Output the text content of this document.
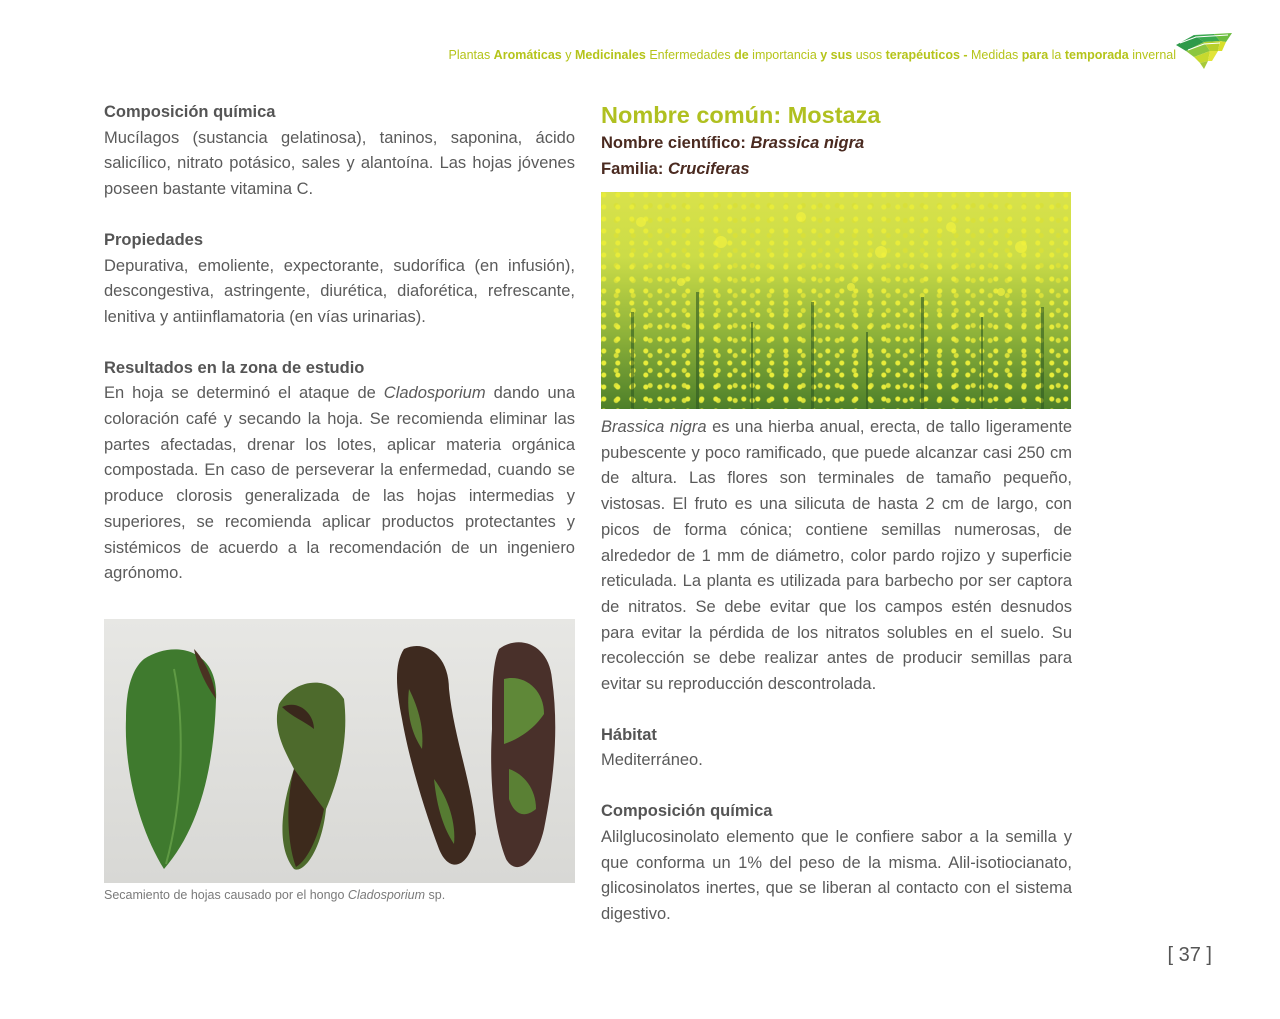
Plantas Aromáticas y Medicinales Enfermedades de importancia y sus usos terapéuticos - Medidas para la temporada invernal

Composición química

Mucílagos (sustancia gelatinosa), taninos, saponina, ácido salicílico, nitrato potásico, sales y alantoína. Las hojas jóvenes poseen bastante vitamina C.

Propiedades

Depurativa, emoliente, expectorante, sudorífica (en infusión), descongestiva, astringente, diurética, diaforética, refrescante, lenitiva y antiinflamatoria (en vías urinarias).

Resultados en la zona de estudio

En hoja se determinó el ataque de Cladosporium dando una coloración café y secando la hoja. Se recomienda eliminar las partes afectadas, drenar los lotes, aplicar materia orgánica compostada. En caso de perseverar la enfermedad, cuando se produce clorosis generalizada de las hojas intermedias y superiores, se recomienda aplicar productos protectantes y sistémicos de acuerdo a la recomendación de un ingeniero agrónomo.

Secamiento de hojas causado por el hongo Cladosporium sp.

Nombre común: Mostaza

Nombre científico: Brassica nigra

Familia: Cruciferas

Brassica nigra es una hierba anual, erecta, de tallo ligeramente pubescente y poco ramificado, que puede alcanzar casi 250 cm de altura. Las flores son terminales de tamaño pequeño, vistosas. El fruto es una silicuta de hasta 2 cm de largo, con picos de forma cónica; contiene semillas numerosas, de alrededor de 1 mm de diámetro, color pardo rojizo y superficie reticulada. La planta es utilizada para barbecho por ser captora de nitratos. Se debe evitar que los campos estén desnudos para evitar la pérdida de los nitratos solubles en el suelo. Su recolección se debe realizar antes de producir semillas para evitar su reproducción descontrolada.

Hábitat

Mediterráneo.

Composición química

Alilglucosinolato elemento que le confiere sabor a la semilla y que conforma un 1% del peso de la misma. Alil-isotiocianato, glicosinolatos inertes, que se liberan al contacto con el sistema digestivo.

[ 37 ]
